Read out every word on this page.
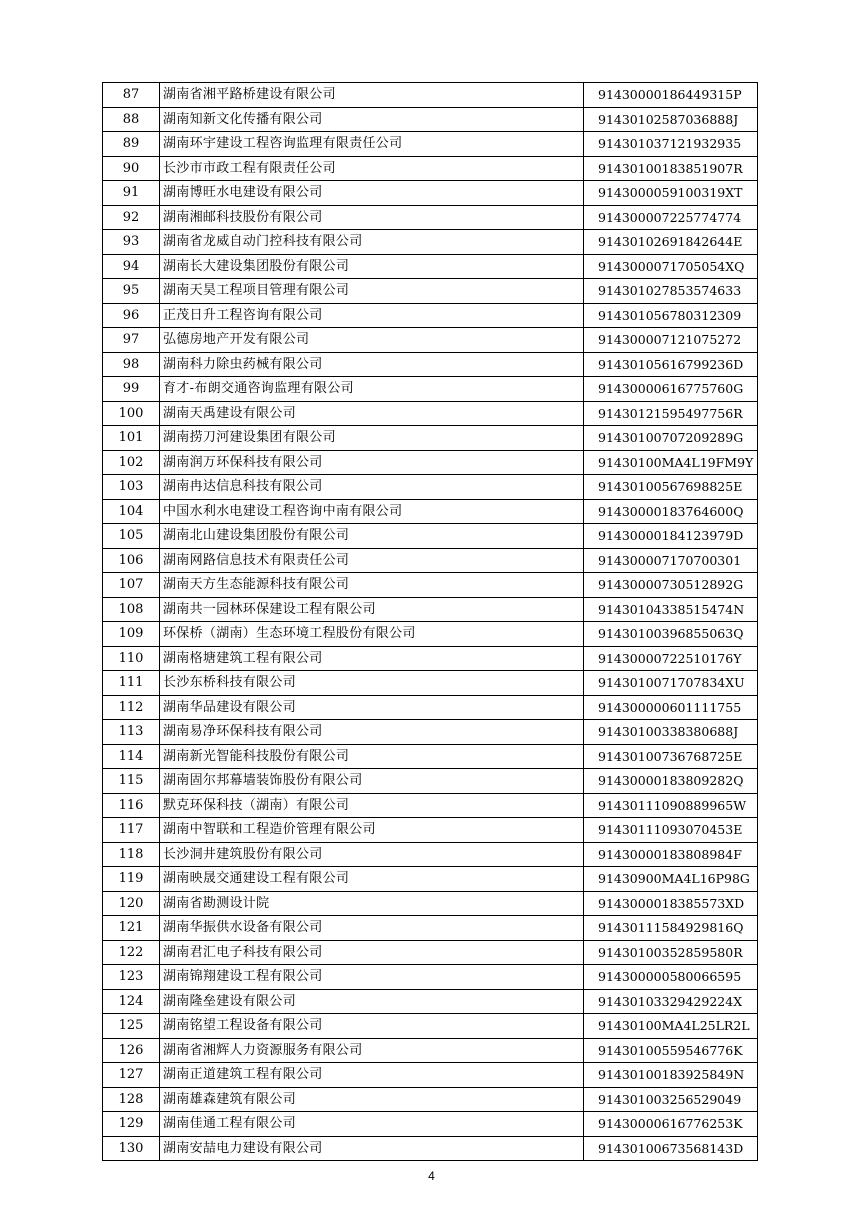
87	湖南省湘平路桥建设有限公司	91430000186449315P
88	湖南知新文化传播有限公司	91430102587036888J
89	湖南环宇建设工程咨询监理有限责任公司	91430103712193293​5
90	长沙市市政工程有限责任公司	91430100183851907R
91	湖南博旺水电建设有限公司	914300005910031​9XT
92	湖南湘邮科技股份有限公司	91430000722577477​4
93	湖南省龙威自动门控科技有限公司	91430102691842644E
94	湖南长大建设集团股份有限公司	9143000071705054XQ
95	湖南天昊工程项目管理有限公司	91430102785357463​3
96	正茂日升工程咨询有限公司	91430105678031230​9
97	弘德房地产开发有限公司	91430000712107527​2
98	湖南科力除虫药械有限公司	91430105616799236D
99	育才-布朗交通咨询监理有限公司	91430000616775760G
100	湖南天禹建设有限公司	91430121595497756R
101	湖南捞刀河建设集团有限公司	91430100707209289G
102	湖南润万环保科技有限公司	91430100MA4L19FM9Y
103	湖南冉达信息科技有限公司	91430100567698825E
104	中国水利水电建设工程咨询中南有限公司	91430000183764600Q
105	湖南北山建设集团股份有限公司	91430000184123979D
106	湖南网路信息技术有限责任公司	91430000717070030​1
107	湖南天方生态能源科技有限公司	91430000730512892G
108	湖南共一园林环保建设工程有限公司	91430104338515474N
109	环保桥（湖南）生态环境工程股份有限公司	91430100396855063Q
110	湖南格塘建筑工程有限公司	91430000722510176Y
111	长沙东桥科技有限公司	9143010071707834XU
112	湖南华品建设有限公司	91430000060111175​5
113	湖南易净环保科技有限公司	91430100338380688J
114	湖南新光智能科技股份有限公司	91430100736768725E
115	湖南固尔邦幕墙装饰股份有限公司	91430000183809282Q
116	默克环保科技（湖南）有限公司	91430111090889965W
117	湖南中智联和工程造价管理有限公司	91430111093070453E
118	长沙洞井建筑股份有限公司	91430000183808984F
119	湖南映晟交通建设工程有限公司	91430900MA4L16P98G
120	湖南省勘测设计院	9143000018385573XD
121	湖南华振供水设备有限公司	91430111584929816Q
122	湖南君汇电子科技有限公司	91430100352859580R
123	湖南锦翔建设工程有限公司	91430000058006659​5
124	湖南隆垒建设有限公司	9143010332942922​4X
125	湖南铭望工程设备有限公司	91430100MA4L25LR2L
126	湖南省湘辉人力资源服务有限公司	91430100559546776K
127	湖南正道建筑工程有限公司	91430100183925849N
128	湖南雄森建筑有限公司	91430100325652904​9
129	湖南佳通工程有限公司	91430000616776253K
130	湖南安喆电力建设有限公司	91430100673568143D
4
